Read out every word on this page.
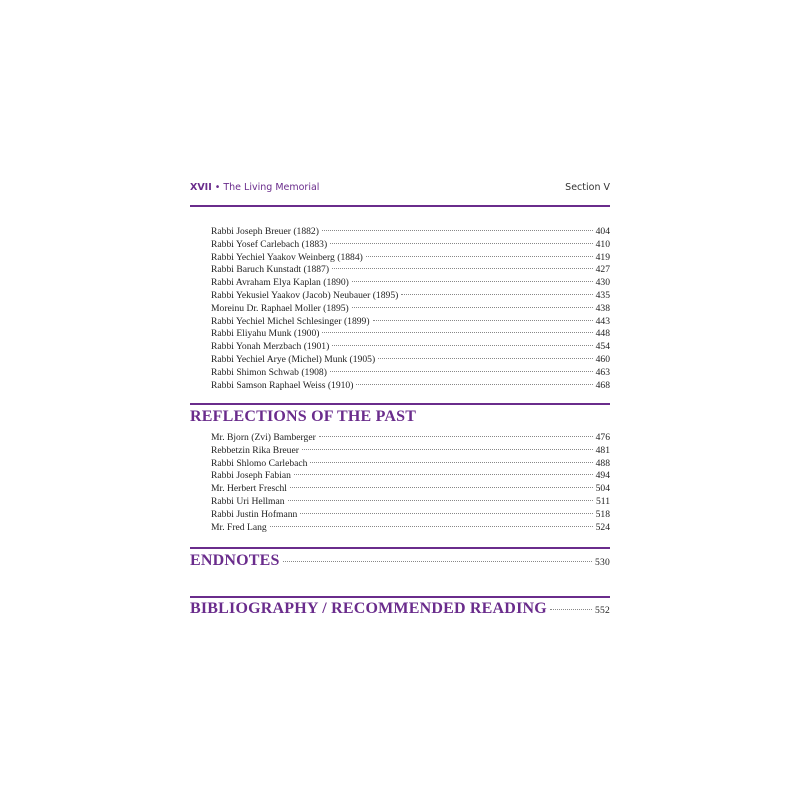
XVII • The Living Memorial	Section V
Rabbi Joseph Breuer (1882)	404
Rabbi Yosef Carlebach (1883)	410
Rabbi Yechiel Yaakov Weinberg (1884)	419
Rabbi Baruch Kunstadt (1887)	427
Rabbi Avraham Elya Kaplan (1890)	430
Rabbi Yekusiel Yaakov (Jacob) Neubauer (1895)	435
Moreinu Dr. Raphael Moller (1895)	438
Rabbi Yechiel Michel Schlesinger (1899)	443
Rabbi Eliyahu Munk (1900)	448
Rabbi Yonah Merzbach (1901)	454
Rabbi Yechiel Arye (Michel) Munk (1905)	460
Rabbi Shimon Schwab (1908)	463
Rabbi Samson Raphael Weiss (1910)	468
REFLECTIONS OF THE PAST
Mr. Bjorn (Zvi) Bamberger	476
Rebbetzin Rika Breuer	481
Rabbi Shlomo Carlebach	488
Rabbi Joseph Fabian	494
Mr. Herbert Freschl	504
Rabbi Uri Hellman	511
Rabbi Justin Hofmann	518
Mr. Fred Lang	524
ENDNOTES	530
BIBLIOGRAPHY / RECOMMENDED READING	552
